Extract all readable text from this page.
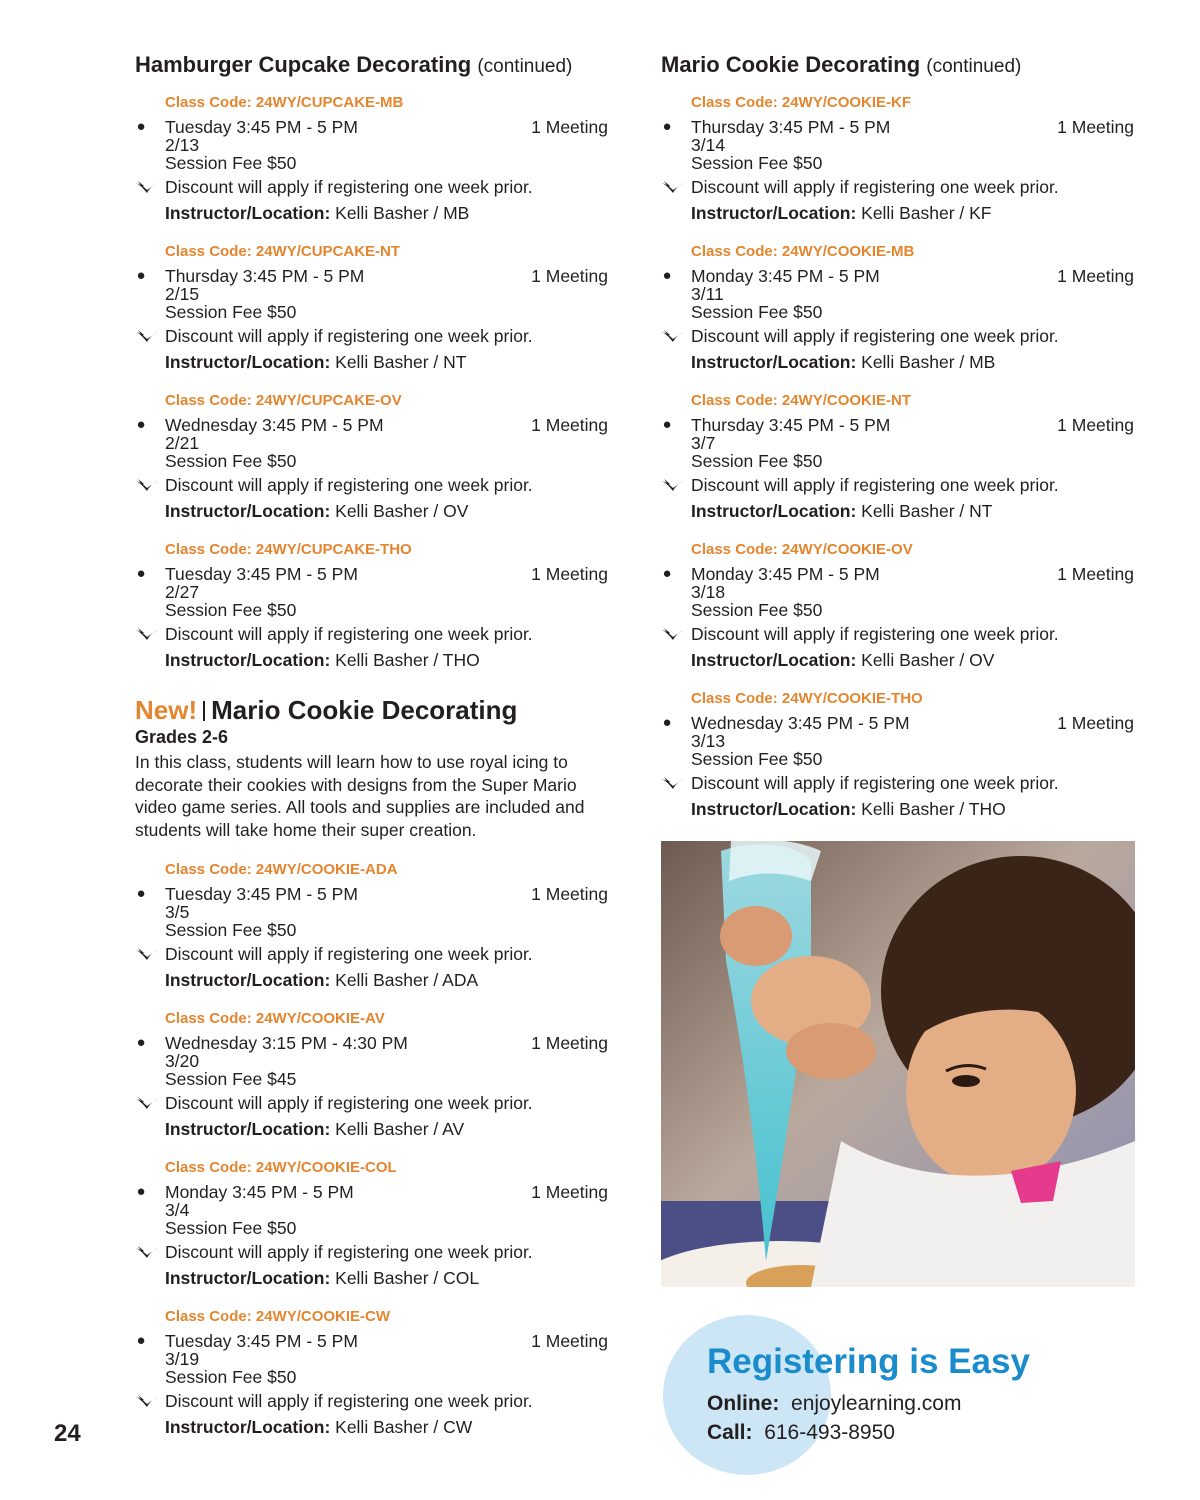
Hamburger Cupcake Decorating (continued)
Class Code: 24WY/CUPCAKE-MB
● Tuesday 3:45 PM - 5 PM	1 Meeting
2/13
Session Fee $50
Discount will apply if registering one week prior.
Instructor/Location: Kelli Basher / MB
Class Code: 24WY/CUPCAKE-NT
● Thursday 3:45 PM - 5 PM	1 Meeting
2/15
Session Fee $50
Discount will apply if registering one week prior.
Instructor/Location: Kelli Basher / NT
Class Code: 24WY/CUPCAKE-OV
● Wednesday 3:45 PM - 5 PM	1 Meeting
2/21
Session Fee $50
Discount will apply if registering one week prior.
Instructor/Location: Kelli Basher / OV
Class Code: 24WY/CUPCAKE-THO
● Tuesday 3:45 PM - 5 PM	1 Meeting
2/27
Session Fee $50
Discount will apply if registering one week prior.
Instructor/Location: Kelli Basher / THO
New! Mario Cookie Decorating
Grades 2-6
In this class, students will learn how to use royal icing to decorate their cookies with designs from the Super Mario video game series. All tools and supplies are included and students will take home their super creation.
Class Code: 24WY/COOKIE-ADA
● Tuesday 3:45 PM - 5 PM	1 Meeting
3/5
Session Fee $50
Discount will apply if registering one week prior.
Instructor/Location: Kelli Basher / ADA
Class Code: 24WY/COOKIE-AV
● Wednesday 3:15 PM - 4:30 PM	1 Meeting
3/20
Session Fee $45
Discount will apply if registering one week prior.
Instructor/Location: Kelli Basher / AV
Class Code: 24WY/COOKIE-COL
● Monday 3:45 PM - 5 PM	1 Meeting
3/4
Session Fee $50
Discount will apply if registering one week prior.
Instructor/Location: Kelli Basher / COL
Class Code: 24WY/COOKIE-CW
● Tuesday 3:45 PM - 5 PM	1 Meeting
3/19
Session Fee $50
Discount will apply if registering one week prior.
Instructor/Location: Kelli Basher / CW
Mario Cookie Decorating (continued)
Class Code: 24WY/COOKIE-KF
● Thursday 3:45 PM - 5 PM	1 Meeting
3/14
Session Fee $50
Discount will apply if registering one week prior.
Instructor/Location: Kelli Basher / KF
Class Code: 24WY/COOKIE-MB
● Monday 3:45 PM - 5 PM	1 Meeting
3/11
Session Fee $50
Discount will apply if registering one week prior.
Instructor/Location: Kelli Basher / MB
Class Code: 24WY/COOKIE-NT
● Thursday 3:45 PM - 5 PM	1 Meeting
3/7
Session Fee $50
Discount will apply if registering one week prior.
Instructor/Location: Kelli Basher / NT
Class Code: 24WY/COOKIE-OV
● Monday 3:45 PM - 5 PM	1 Meeting
3/18
Session Fee $50
Discount will apply if registering one week prior.
Instructor/Location: Kelli Basher / OV
Class Code: 24WY/COOKIE-THO
● Wednesday 3:45 PM - 5 PM	1 Meeting
3/13
Session Fee $50
Discount will apply if registering one week prior.
Instructor/Location: Kelli Basher / THO
Registering is Easy
Online: enjoylearning.com
Call: 616-493-8950
24
